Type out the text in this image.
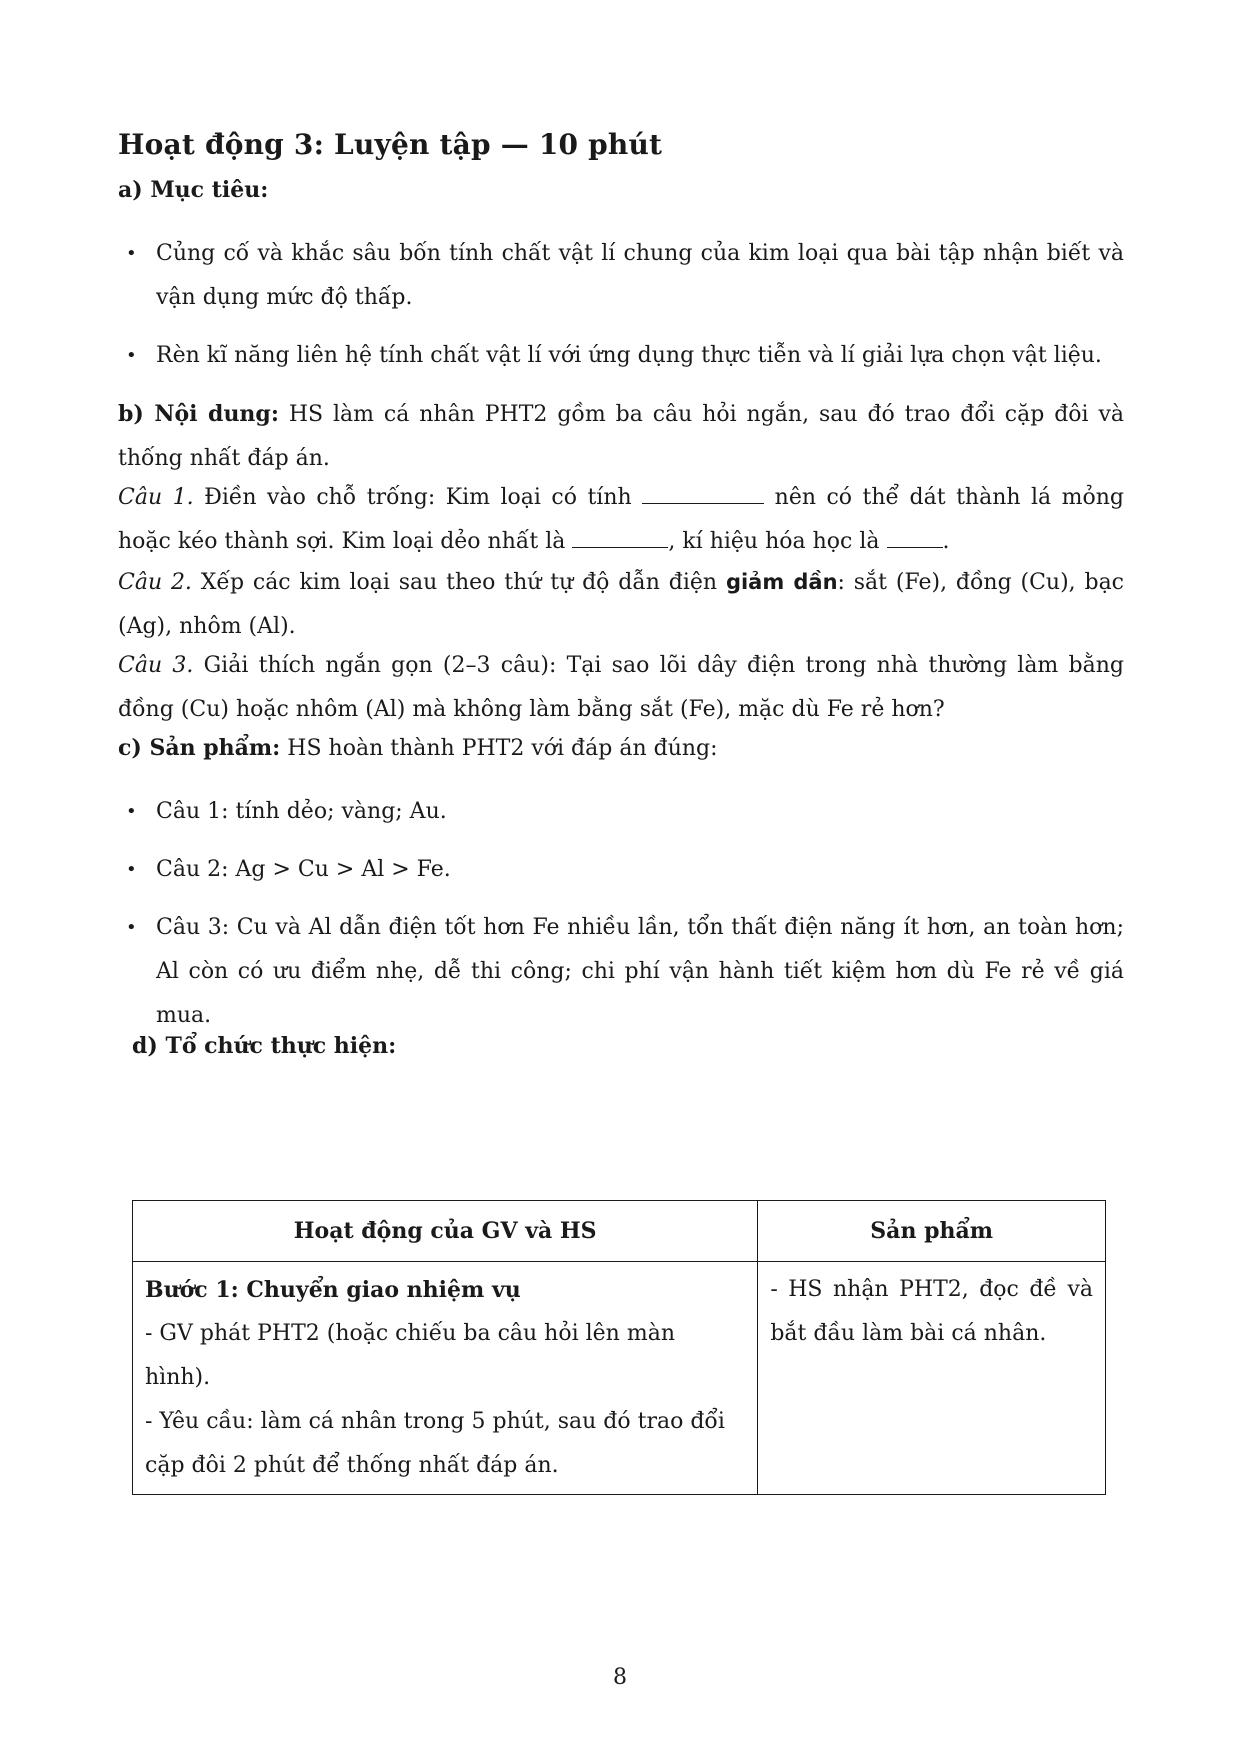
Hoạt động 3: Luyện tập — 10 phút
a) Mục tiêu:
• Củng cố và khắc sâu bốn tính chất vật lí chung của kim loại qua bài tập nhận biết và vận dụng mức độ thấp.
• Rèn kĩ năng liên hệ tính chất vật lí với ứng dụng thực tiễn và lí giải lựa chọn vật liệu.
b) Nội dung: HS làm cá nhân PHT2 gồm ba câu hỏi ngắn, sau đó trao đổi cặp đôi và thống nhất đáp án.
Câu 1. Điền vào chỗ trống: Kim loại có tính	nên có thể dát thành lá mỏng hoặc kéo thành sợi. Kim loại dẻo nhất là	, kí hiệu hóa học là	.
Câu 2. Xếp các kim loại sau theo thứ tự độ dẫn điện giảm dần: sắt (Fe), đồng (Cu), bạc (Ag), nhôm (Al).
Câu 3. Giải thích ngắn gọn (2–3 câu): Tại sao lõi dây điện trong nhà thường làm bằng đồng (Cu) hoặc nhôm (Al) mà không làm bằng sắt (Fe), mặc dù Fe rẻ hơn?
c) Sản phẩm: HS hoàn thành PHT2 với đáp án đúng:
• Câu 1: tính dẻo; vàng; Au.
• Câu 2: Ag > Cu > Al > Fe.
• Câu 3: Cu và Al dẫn điện tốt hơn Fe nhiều lần, tổn thất điện năng ít hơn, an toàn hơn; Al còn có ưu điểm nhẹ, dễ thi công; chi phí vận hành tiết kiệm hơn dù Fe rẻ về giá mua.
d) Tổ chức thực hiện:
Hoạt động của GV và HS	Sản phẩm

Bước 1: Chuyển giao nhiệm vụ
- GV phát PHT2 (hoặc chiếu ba câu hỏi lên màn hình).
- Yêu cầu: làm cá nhân trong 5 phút, sau đó trao đổi cặp đôi 2 phút để thống nhất đáp án.	- HS nhận PHT2, đọc đề và bắt đầu làm bài cá nhân.
8
